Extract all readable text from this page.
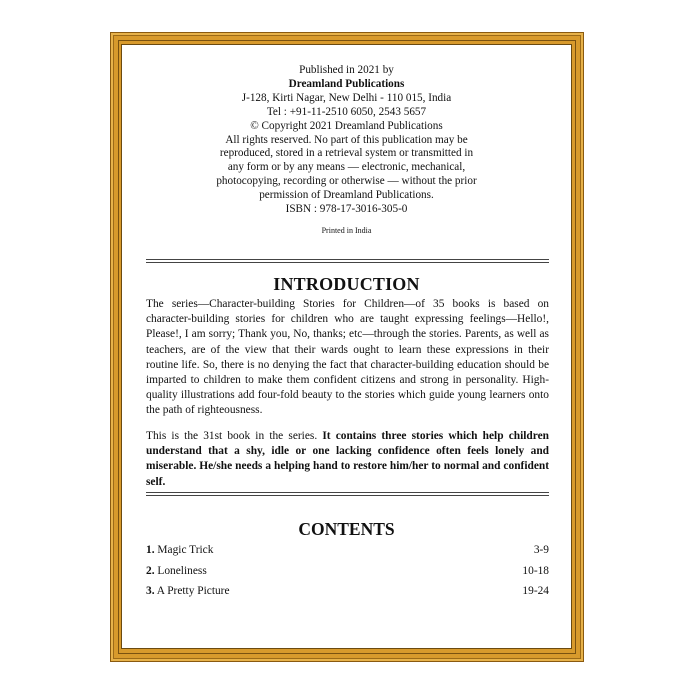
Published in 2021 by
Dreamland Publications
J-128, Kirti Nagar, New Delhi - 110 015, India
Tel : +91-11-2510 6050, 2543 5657
© Copyright 2021 Dreamland Publications
All rights reserved. No part of this publication may be
reproduced, stored in a retrieval system or transmitted in
any form or by any means — electronic, mechanical,
photocopying, recording or otherwise — without the prior
permission of Dreamland Publications.
ISBN : 978-17-3016-305-0
Printed in India
INTRODUCTION
The series—Character-building Stories for Children—of 35 books is based on character-building stories for children who are taught expressing feelings—Hello!, Please!, I am sorry; Thank you, No, thanks; etc—through the stories. Parents, as well as teachers, are of the view that their wards ought to learn these expressions in their routine life. So, there is no denying the fact that character-building education should be imparted to children to make them confident citizens and strong in personality. High-quality illustrations add four-fold beauty to the stories which guide young learners onto the path of righteousness.
This is the 31st book in the series. It contains three stories which help children understand that a shy, idle or one lacking confidence often feels lonely and miserable. He/she needs a helping hand to restore him/her to normal and confident self.
CONTENTS
1. Magic Trick	3-9
2. Loneliness	10-18
3. A Pretty Picture	19-24
